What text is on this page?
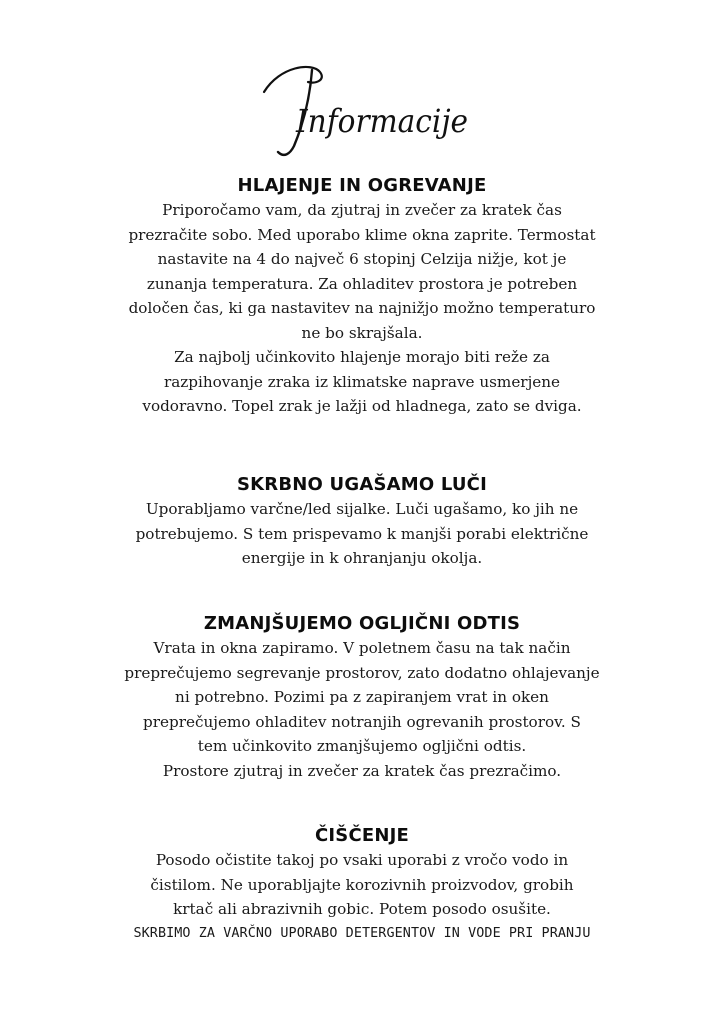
Informacije
HLAJENJE IN OGREVANJE

Priporočamo vam, da zjutraj in zvečer za kratek čas
prezračite sobo. Med uporabo klime okna zaprite. Termostat
nastavite na 4 do največ 6 stopinj Celzija nižje, kot je
zunanja temperatura. Za ohladitev prostora je potreben
določen čas, ki ga nastavitev na najnižjo možno temperaturo
ne bo skrajšala.
Za najbolj učinkovito hlajenje morajo biti reže za
razpihovanje zraka iz klimatske naprave usmerjene
vodoravno. Topel zrak je lažji od hladnega, zato se dviga.

SKRBNO UGAŠAMO LUČI

Uporabljamo varčne/led sijalke. Luči ugašamo, ko jih ne
potrebujemo. S tem prispevamo k manjši porabi električne
energije in k ohranjanju okolja.

ZMANJŠUJEMO OGLJIČNI ODTIS

Vrata in okna zapiramo. V poletnem času na tak način
preprečujemo segrevanje prostorov, zato dodatno ohlajevanje
ni potrebno. Pozimi pa z zapiranjem vrat in oken
preprečujemo ohladitev notranjih ogrevanih prostorov. S
tem učinkovito zmanjšujemo ogljični odtis.
Prostore zjutraj in zvečer za kratek čas prezračimo.

ČIŠČENJE

Posodo očistite takoj po vsaki uporabi z vročo vodo in
čistilom. Ne uporabljajte korozivnih proizvodov, grobih
krtač ali abrazivnih gobic. Potem posodo osušite.
SKRBIMO ZA VARČNO UPORABO DETERGENTOV IN VODE PRI PRANJU
